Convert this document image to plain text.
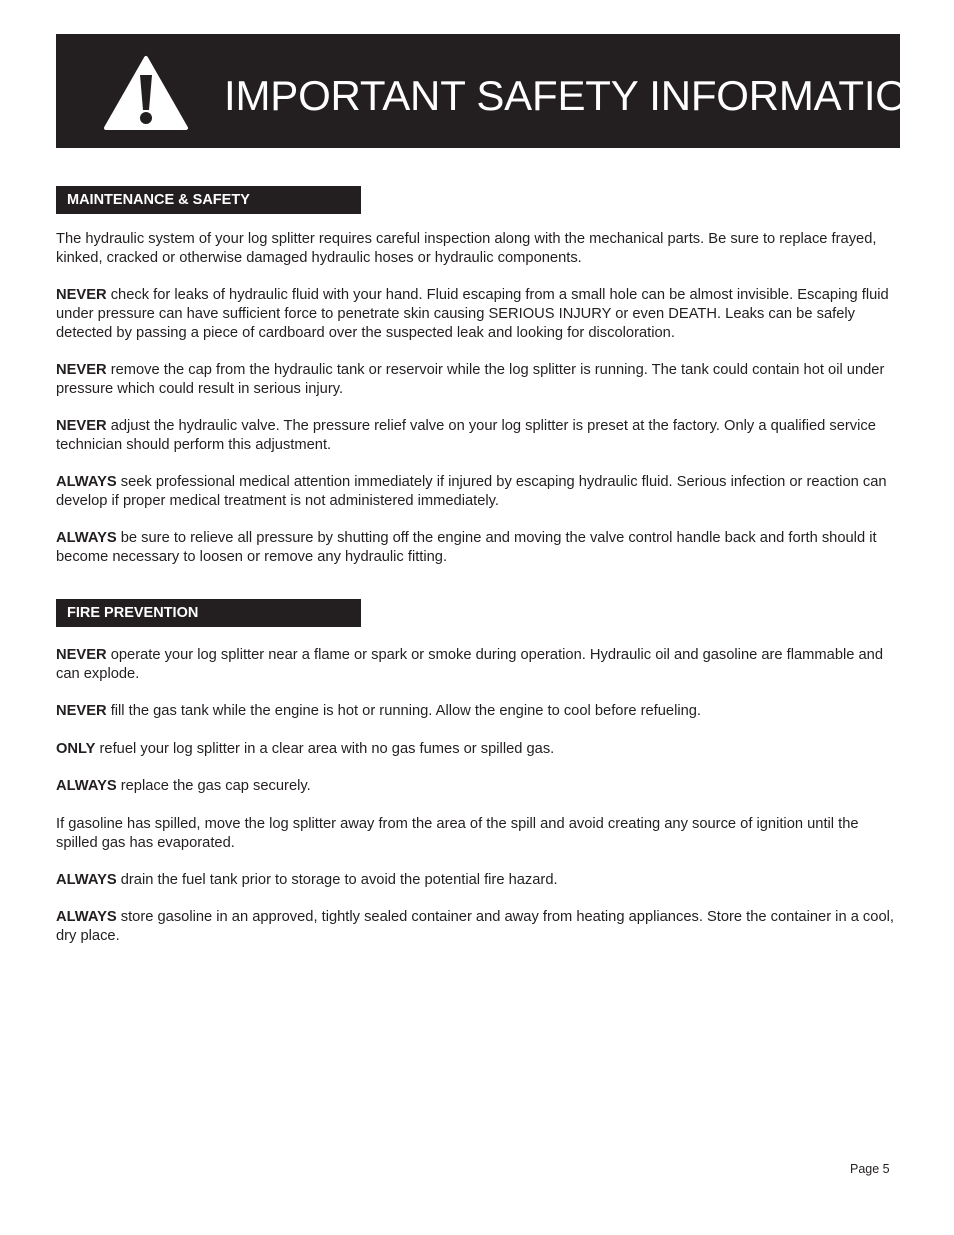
IMPORTANT SAFETY INFORMATION
MAINTENANCE & SAFETY

The hydraulic system of your log splitter requires careful inspection along with the mechanical parts. Be sure to replace frayed, kinked, cracked or otherwise damaged hydraulic hoses or hydraulic components.

NEVER check for leaks of hydraulic fluid with your hand. Fluid escaping from a small hole can be almost invisible. Escaping fluid under pressure can have sufficient force to penetrate skin causing SERIOUS INJURY or even DEATH. Leaks can be safely detected by passing a piece of cardboard over the suspected leak and looking for discoloration.

NEVER remove the cap from the hydraulic tank or reservoir while the log splitter is running. The tank could contain hot oil under pressure which could result in serious injury.

NEVER adjust the hydraulic valve. The pressure relief valve on your log splitter is preset at the factory. Only a qualified service technician should perform this adjustment.

ALWAYS seek professional medical attention immediately if injured by escaping hydraulic fluid. Serious infection or reaction can develop if proper medical treatment is not administered immediately.

ALWAYS be sure to relieve all pressure by shutting off the engine and moving the valve control handle back and forth should it become necessary to loosen or remove any hydraulic fitting.

FIRE PREVENTION

NEVER operate your log splitter near a flame or spark or smoke during operation. Hydraulic oil and gasoline are flammable and can explode.

NEVER fill the gas tank while the engine is hot or running. Allow the engine to cool before refueling.

ONLY refuel your log splitter in a clear area with no gas fumes or spilled gas.

ALWAYS replace the gas cap securely.

If gasoline has spilled, move the log splitter away from the area of the spill and avoid creating any source of ignition until the spilled gas has evaporated.

ALWAYS drain the fuel tank prior to storage to avoid the potential fire hazard.

ALWAYS store gasoline in an approved, tightly sealed container and away from heating appliances. Store the container in a cool, dry place.

Page 5
